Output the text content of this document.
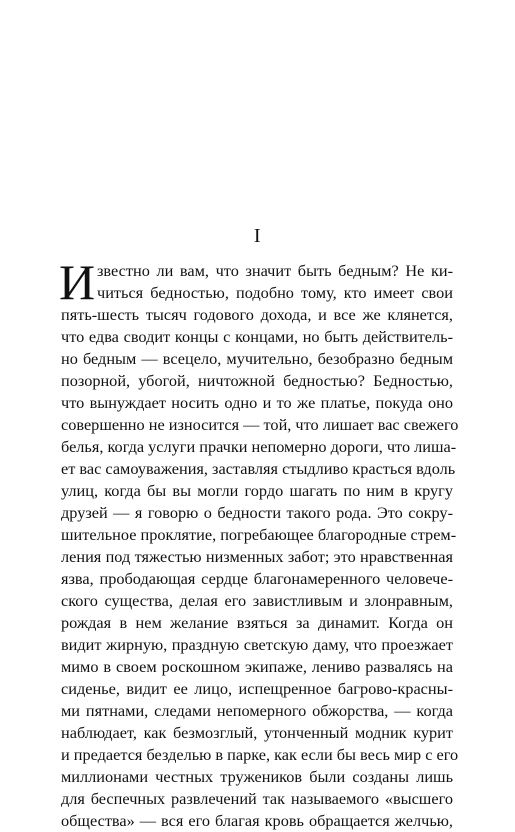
I
И звестно ли вам, что значит быть бедным? Не ки-
читься бедностью, подобно тому, кто имеет свои
пять-шесть тысяч годового дохода, и все же клянется,
что едва сводит концы с концами, но быть действитель-
но бедным — всецело, мучительно, безобразно бедным
позорной, убогой, ничтожной бедностью? Бедностью,
что вынуждает носить одно и то же платье, покуда оно
совершенно не износится — той, что лишает вас свежего
белья, когда услуги прачки непомерно дороги, что лиша-
ет вас самоуважения, заставляя стыдливо красться вдоль
улиц, когда бы вы могли гордо шагать по ним в кругу
друзей — я говорю о бедности такого рода. Это сокру-
шительное проклятие, погребающее благородные стрем-
ления под тяжестью низменных забот; это нравственная
язва, прободающая сердце благонамеренного человече-
ского существа, делая его завистливым и злонравным,
рождая в нем желание взяться за динамит. Когда он
видит жирную, праздную светскую даму, что проезжает
мимо в своем роскошном экипаже, лениво развалясь на
сиденье, видит ее лицо, испещренное багрово-красны-
ми пятнами, следами непомерного обжорства, — когда
наблюдает, как безмозглый, утонченный модник курит
и предается безделью в парке, как если бы весь мир с его
миллионами честных тружеников были созданы лишь
для беспечных развлечений так называемого «высшего
общества» — вся его благая кровь обращается желчью,
